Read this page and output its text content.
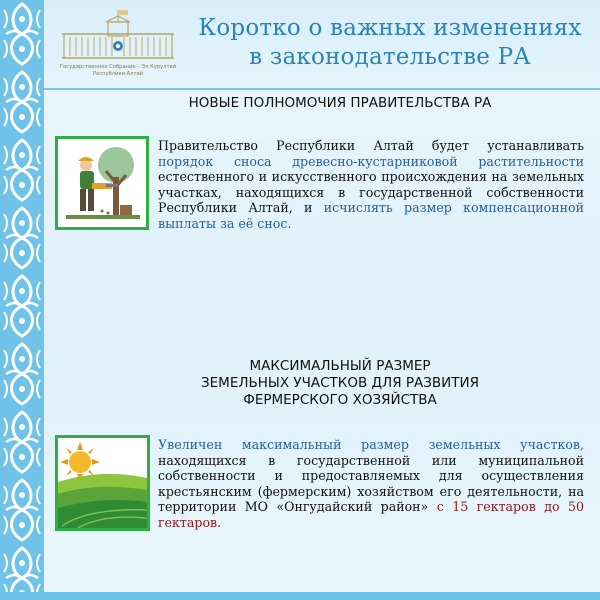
Государственное Собрание – Эл Курултай Республики Алтай
Коротко о важных изменениях
в законодательстве РА
НОВЫЕ ПОЛНОМОЧИЯ ПРАВИТЕЛЬСТВА РА
Правительство Республики Алтай будет устанавливать порядок сноса древесно-кустарниковой растительности естественного и искусственного происхождения на земельных участках, находящихся в государственной собственности Республики Алтай, и исчислять размер компенсационной выплаты за её снос.
МАКСИМАЛЬНЫЙ РАЗМЕР
ЗЕМЕЛЬНЫХ УЧАСТКОВ ДЛЯ РАЗВИТИЯ
ФЕРМЕРСКОГО ХОЗЯЙСТВА
Увеличен максимальный размер земельных участков, находящихся в государственной или муниципальной собственности и предоставляемых для осуществления крестьянским (фермерским) хозяйством его деятельности, на территории МО «Онгудайский район» с 15 гектаров до 50 гектаров.
